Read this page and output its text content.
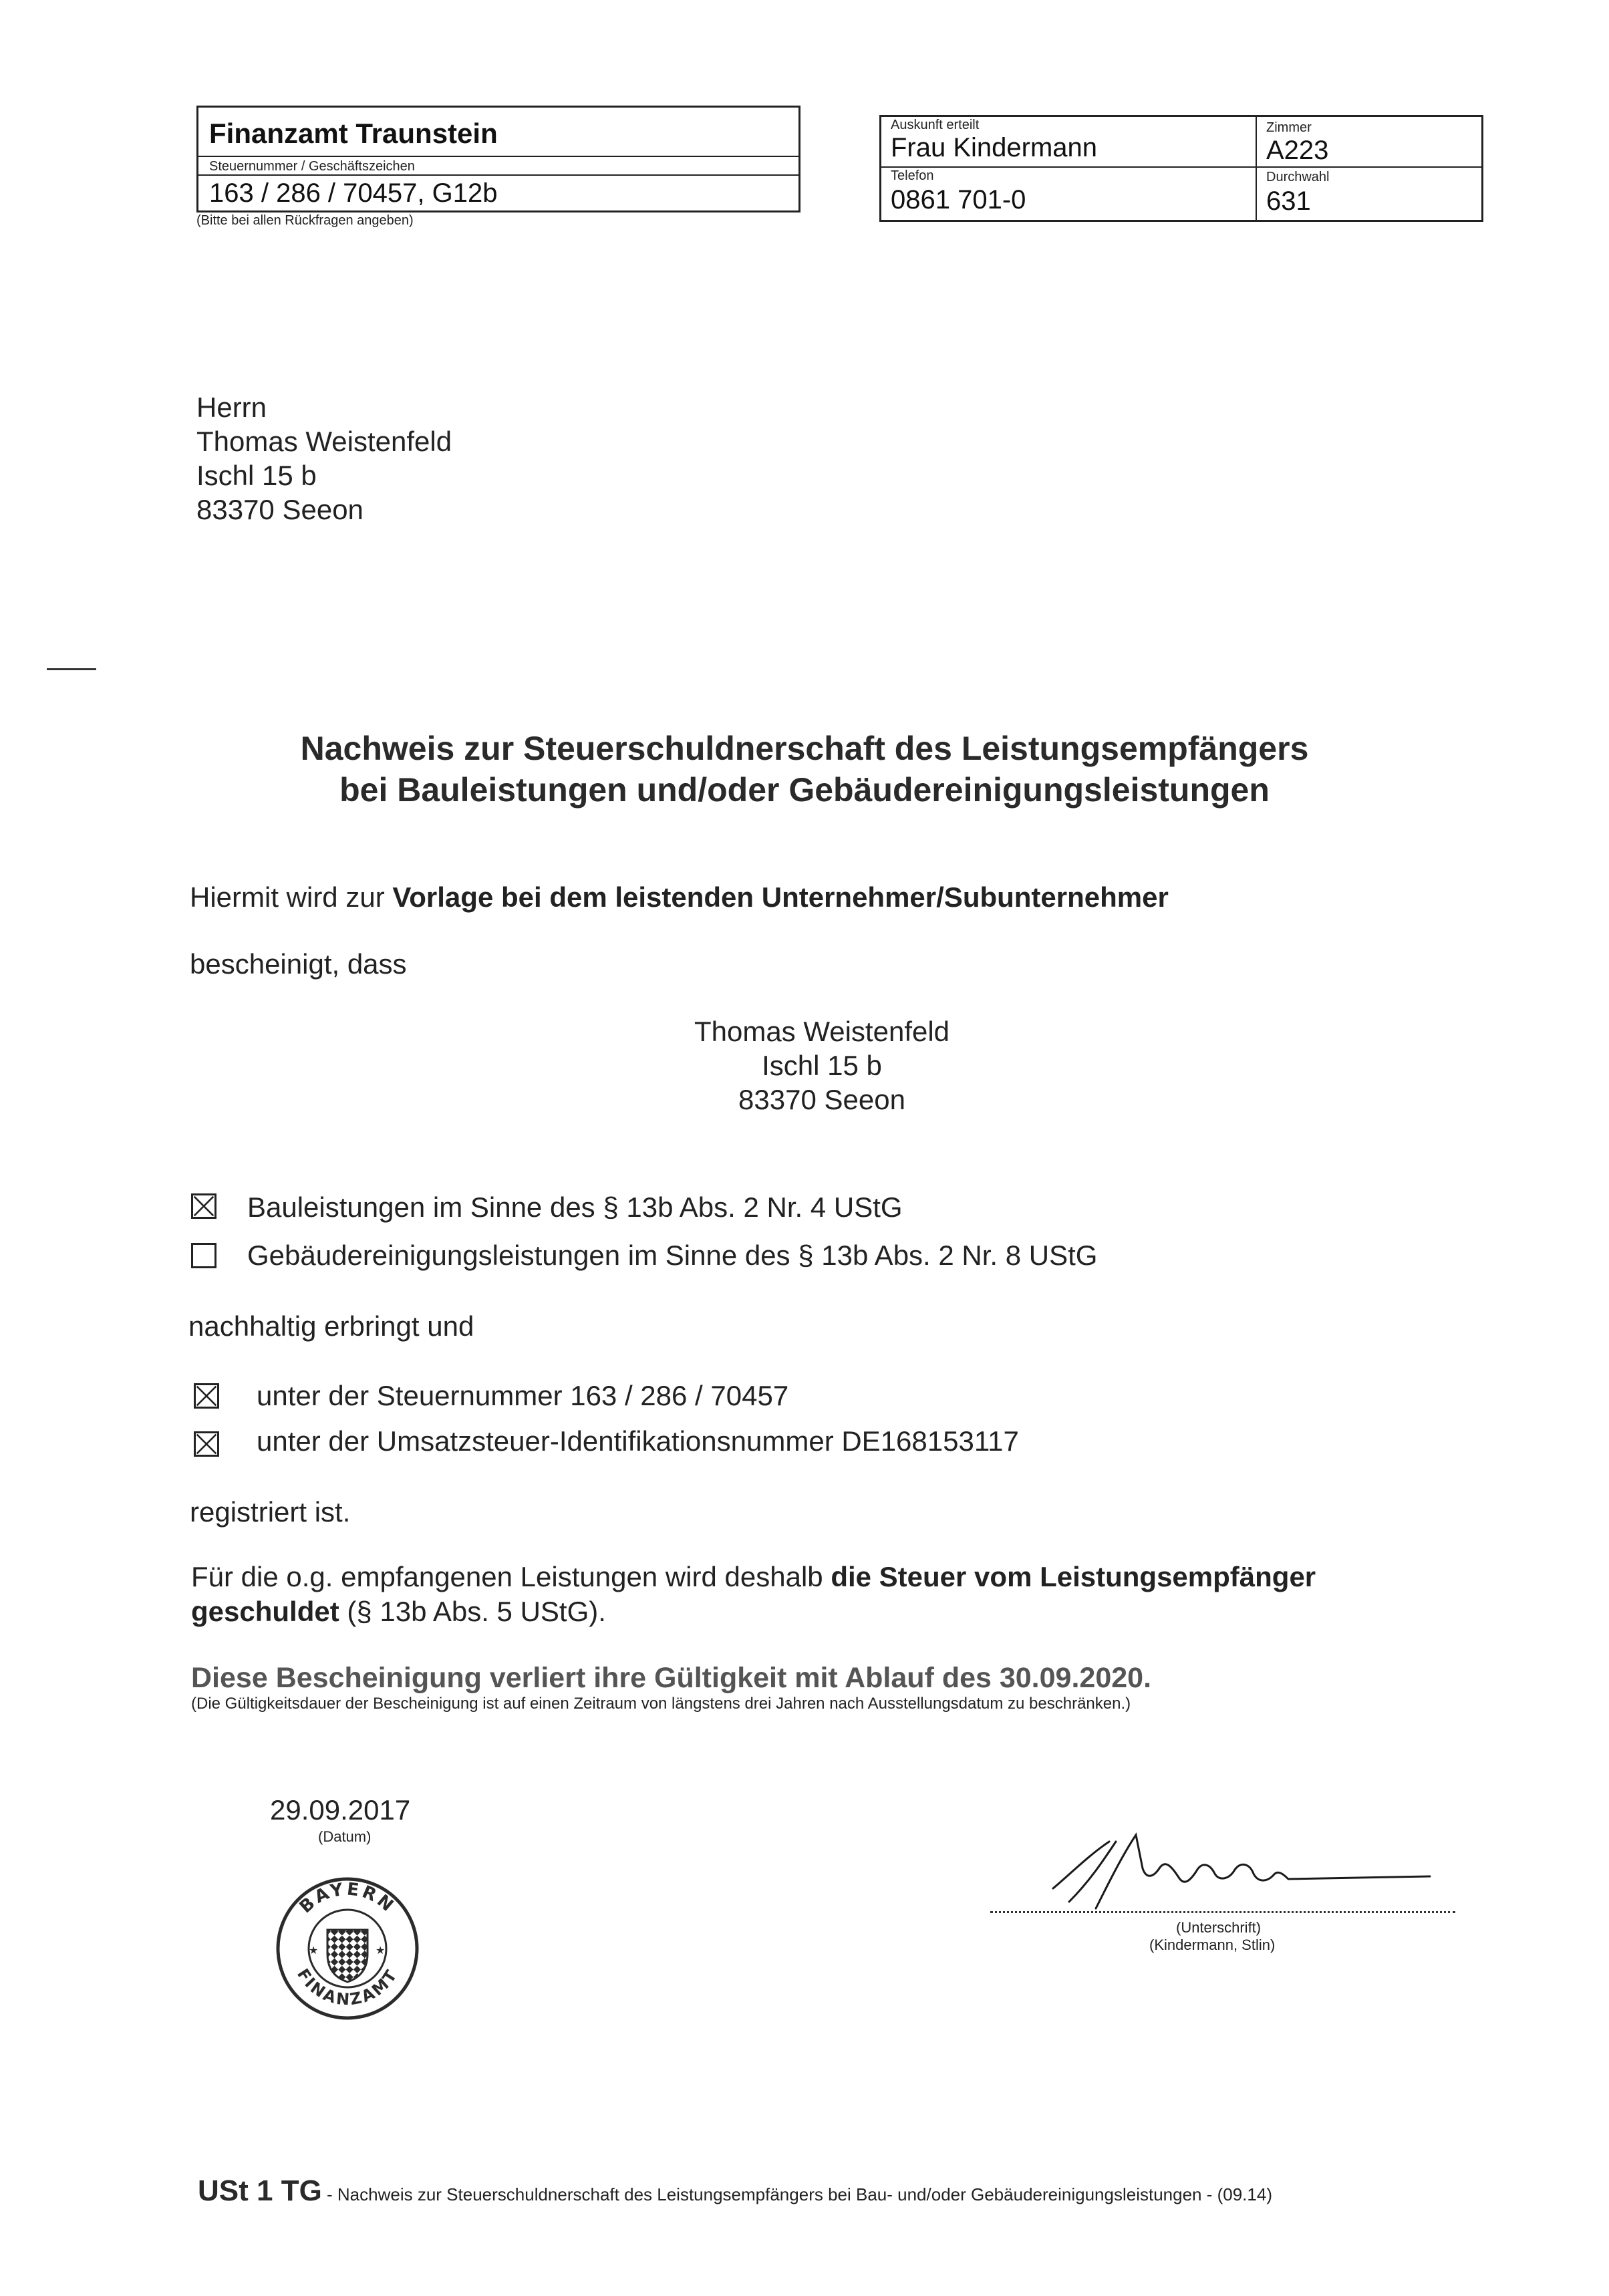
Finanzamt Traunstein
Steuernummer / Geschäftszeichen
163 / 286 / 70457, G12b
(Bitte bei allen Rückfragen angeben)
Auskunft erteilt
Frau Kindermann
Zimmer
A223
Telefon
0861 701-0
Durchwahl
631
Herrn
Thomas Weistenfeld
Ischl 15 b
83370 Seeon
Nachweis zur Steuerschuldnerschaft des Leistungsempfängers
bei Bauleistungen und/oder Gebäudereinigungsleistungen
Hiermit wird zur Vorlage bei dem leistenden Unternehmer/Subunternehmer
bescheinigt, dass
Thomas Weistenfeld
Ischl 15 b
83370 Seeon
Bauleistungen im Sinne des § 13b Abs. 2 Nr. 4 UStG
Gebäudereinigungsleistungen im Sinne des § 13b Abs. 2 Nr. 8 UStG
nachhaltig erbringt und
unter der Steuernummer 163 / 286 / 70457
unter der Umsatzsteuer-Identifikationsnummer DE168153117
registriert ist.
Für die o.g. empfangenen Leistungen wird deshalb die Steuer vom Leistungsempfänger
geschuldet (§ 13b Abs. 5 UStG).
Diese Bescheinigung verliert ihre Gültigkeit mit Ablauf des 30.09.2020.
(Die Gültigkeitsdauer der Bescheinigung ist auf einen Zeitraum von längstens drei Jahren nach Ausstellungsdatum zu beschränken.)
29.09.2017
(Datum)
BAYERN
FINANZAMT
★	★
(Unterschrift)
(Kindermann, Stlin)
USt 1 TG - Nachweis zur Steuerschuldnerschaft des Leistungsempfängers bei Bau- und/oder Gebäudereinigungsleistungen - (09.14)
